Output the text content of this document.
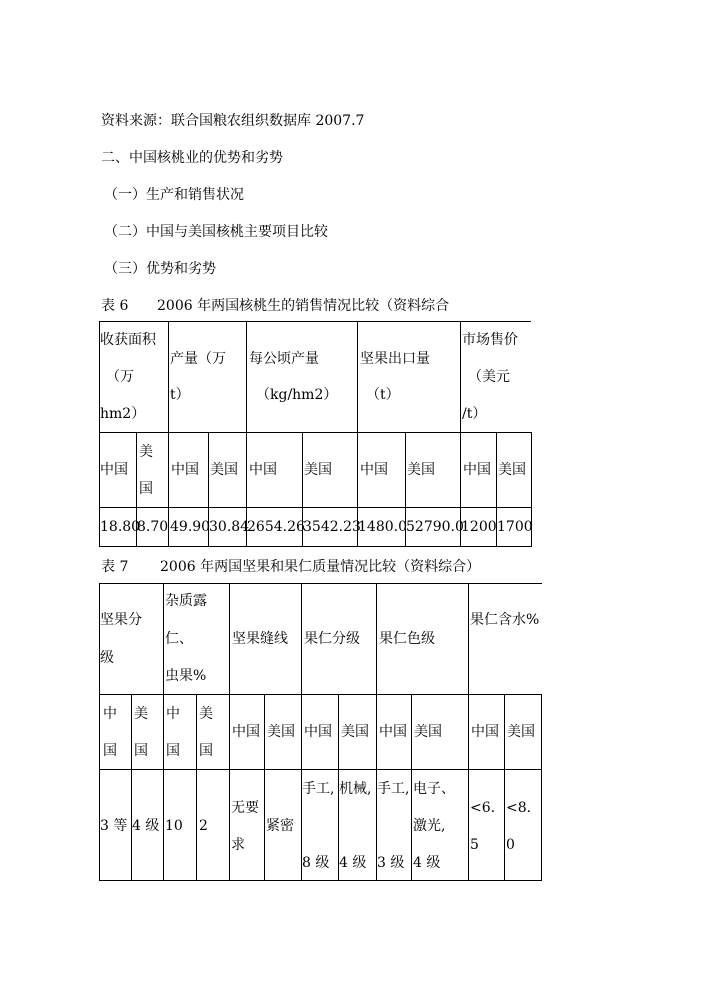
资料来源：联合国粮农组织数据库 2007.7
二、中国核桃业的优势和劣势
（一）生产和销售状况
（二）中国与美国核桃主要项目比较
（三）优势和劣势
表 6 2006 年两国核桃生的销售情况比较（资料综合
收获面积
（万
hm2）
产量（万
t）
每公顷产量
（kg/hm2）
坚果出口量
（t）
市场售价
（美元
/t）
中国
美
国
中国 美国 中国 美国 中国 美国 中国 美国
18.80
8.70 49.90
30.84
2654.26
3542.23
1480.0 52790.0
1200 1700
表 7 2006 年两国坚果和果仁质量情况比较（资料综合）
坚果分
级
杂质露
仁、
虫果%
坚果缝线 果仁分级 果仁色级
果仁含水%
中
国
美
国
中
国
美
国
中国 美国 中国 美国 中国 美国 中国 美国
3 等 4 级 10 2
无要
求
紧密
手工,
8 级
机械,
4 级
手工,
3 级
电子、
激光,
4 级
<6.
5
<8.
0
